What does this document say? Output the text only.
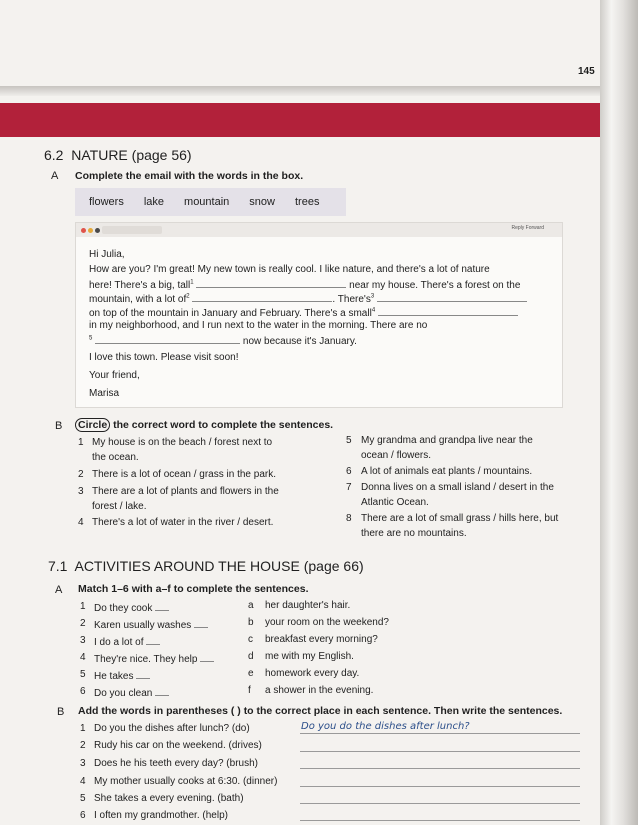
145
6.2 NATURE (page 56)
A Complete the email with the words in the box.
flowers lake mountain snow trees
Reply Forward
Hi Julia,
How are you? I'm great! My new town is really cool. I like nature, and there's a lot of nature
here! There's a big, tall$^1$	near my house. There's a forest on the
mountain, with a lot $of^2$	. $There's^3$
on top of the mountain in January and February. There's a small$^4$
in my neighborhood, and I run next to the water in the morning. There are no
$^5$	now because it's January.
I love this town. Please visit soon!
Your friend,
Marisa
B Circle the correct word to complete the sentences.
1 My house is on the beach / forest next to
the ocean.
2 There is a lot of ocean / grass in the park.
3 There are a lot of plants and flowers in the
forest / lake.
4 There's a lot of water in the river / desert.
5 My grandma and grandpa live near the
ocean / flowers.
6 A lot of animals eat plants / mountains.
7 Donna lives on a small island / desert in the
Atlantic Ocean.
8 There are a lot of small grass / hills here, but
there are no mountains.
7.1 ACTIVITIES AROUND THE HOUSE (page 66)
A Match 1–6 with a–f to complete the sentences.
1 Do they cook
2 Karen usually washes
3 I do a lot of
4 They're nice. They help
5 He takes
6 Do you clean
a her daughter's hair.
b your room on the weekend?
c breakfast every morning?
d me with my English.
e homework every day.
f a shower in the evening.
B Add the words in parentheses ( ) to the correct place in each sentence. Then write the sentences.
1 Do you the dishes after lunch? (do)	Do you do the dishes after lunch?
2 Rudy his car on the weekend. (drives)
3 Does he his teeth every day? (brush)
4 My mother usually cooks at 6:30. (dinner)
5 She takes a every evening. (bath)
6 I often my grandmother. (help)
